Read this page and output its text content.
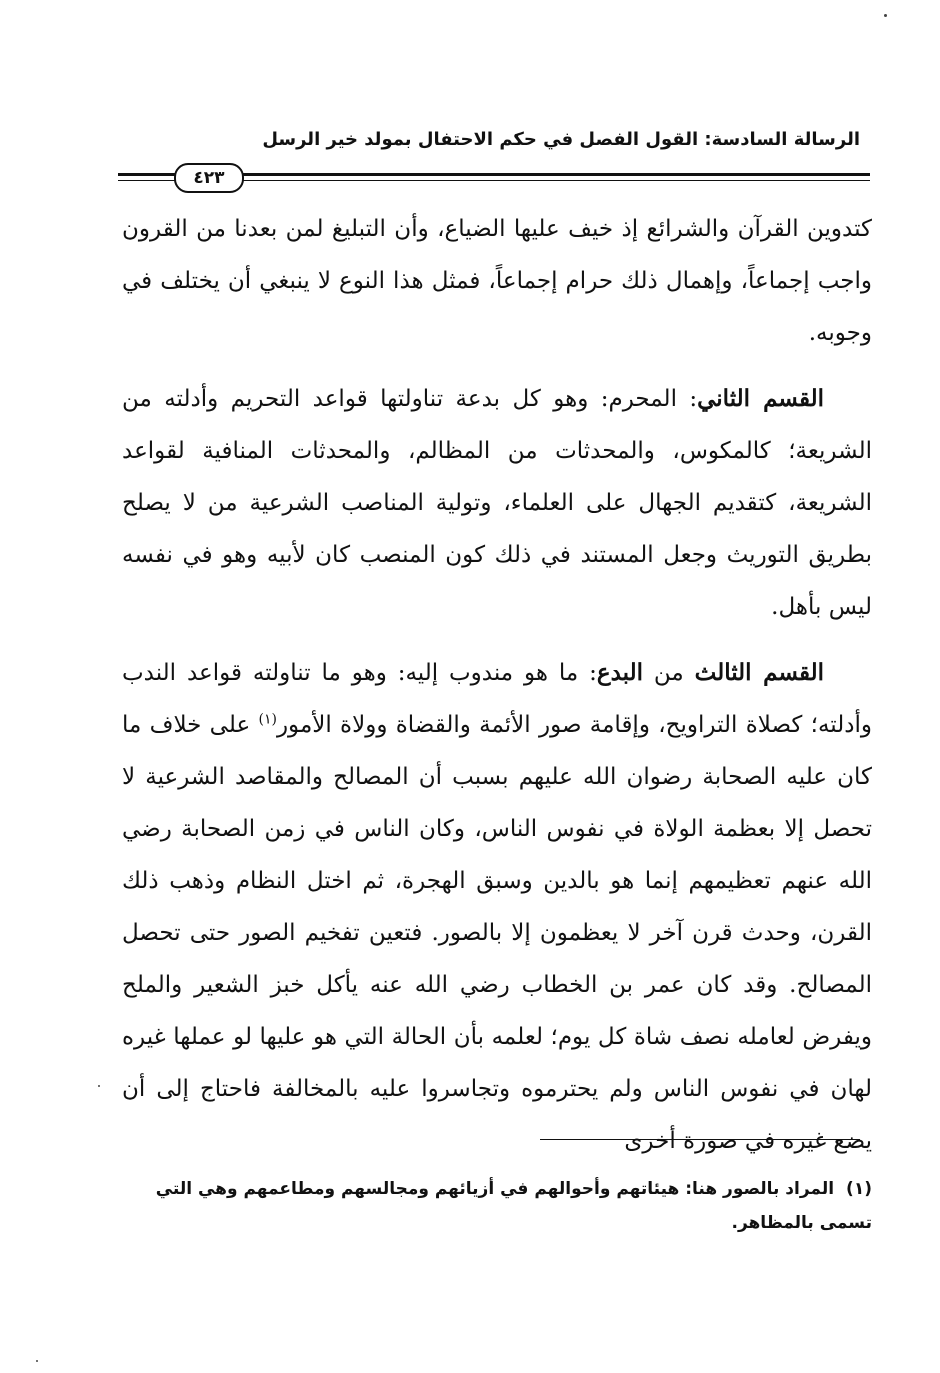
الرسالة السادسة: القول الفصل في حكم الاحتفال بمولد خير الرسل
٤٢٣

كتدوين القرآن والشرائع إذ خيف عليها الضياع، وأن التبليغ لمن بعدنا من القرون واجب إجماعاً، وإهمال ذلك حرام إجماعاً، فمثل هذا النوع لا ينبغي أن يختلف في وجوبه.

القسم الثاني: المحرم: وهو كل بدعة تناولتها قواعد التحريم وأدلته من الشريعة؛ كالمكوس، والمحدثات من المظالم، والمحدثات المنافية لقواعد الشريعة، كتقديم الجهال على العلماء، وتولية المناصب الشرعية من لا يصلح بطريق التوريث وجعل المستند في ذلك كون المنصب كان لأبيه وهو في نفسه ليس بأهل.

القسم الثالث من البدع: ما هو مندوب إليه: وهو ما تناولته قواعد الندب وأدلته؛ كصلاة التراويح، وإقامة صور الأئمة والقضاة وولاة الأمور$^{(١)}$ على خلاف ما كان عليه الصحابة رضوان الله عليهم بسبب أن المصالح والمقاصد الشرعية لا تحصل إلا بعظمة الولاة في نفوس الناس، وكان الناس في زمن الصحابة رضي الله عنهم تعظيمهم إنما هو بالدين وسبق الهجرة، ثم اختل النظام وذهب ذلك القرن، وحدث قرن آخر لا يعظمون إلا بالصور. فتعين تفخيم الصور حتى تحصل المصالح. وقد كان عمر بن الخطاب رضي الله عنه يأكل خبز الشعير والملح ويفرض لعامله نصف شاة كل يوم؛ لعلمه بأن الحالة التي هو عليها لو عملها غيره لهان في نفوس الناس ولم يحترموه وتجاسروا عليه بالمخالفة فاحتاج إلى أن يضع غيره في صورة أخرى

(١)المراد بالصور هنا: هيئاتهم وأحوالهم في أزيائهم ومجالسهم ومطاعمهم وهي التي تسمى بالمظاهر.
